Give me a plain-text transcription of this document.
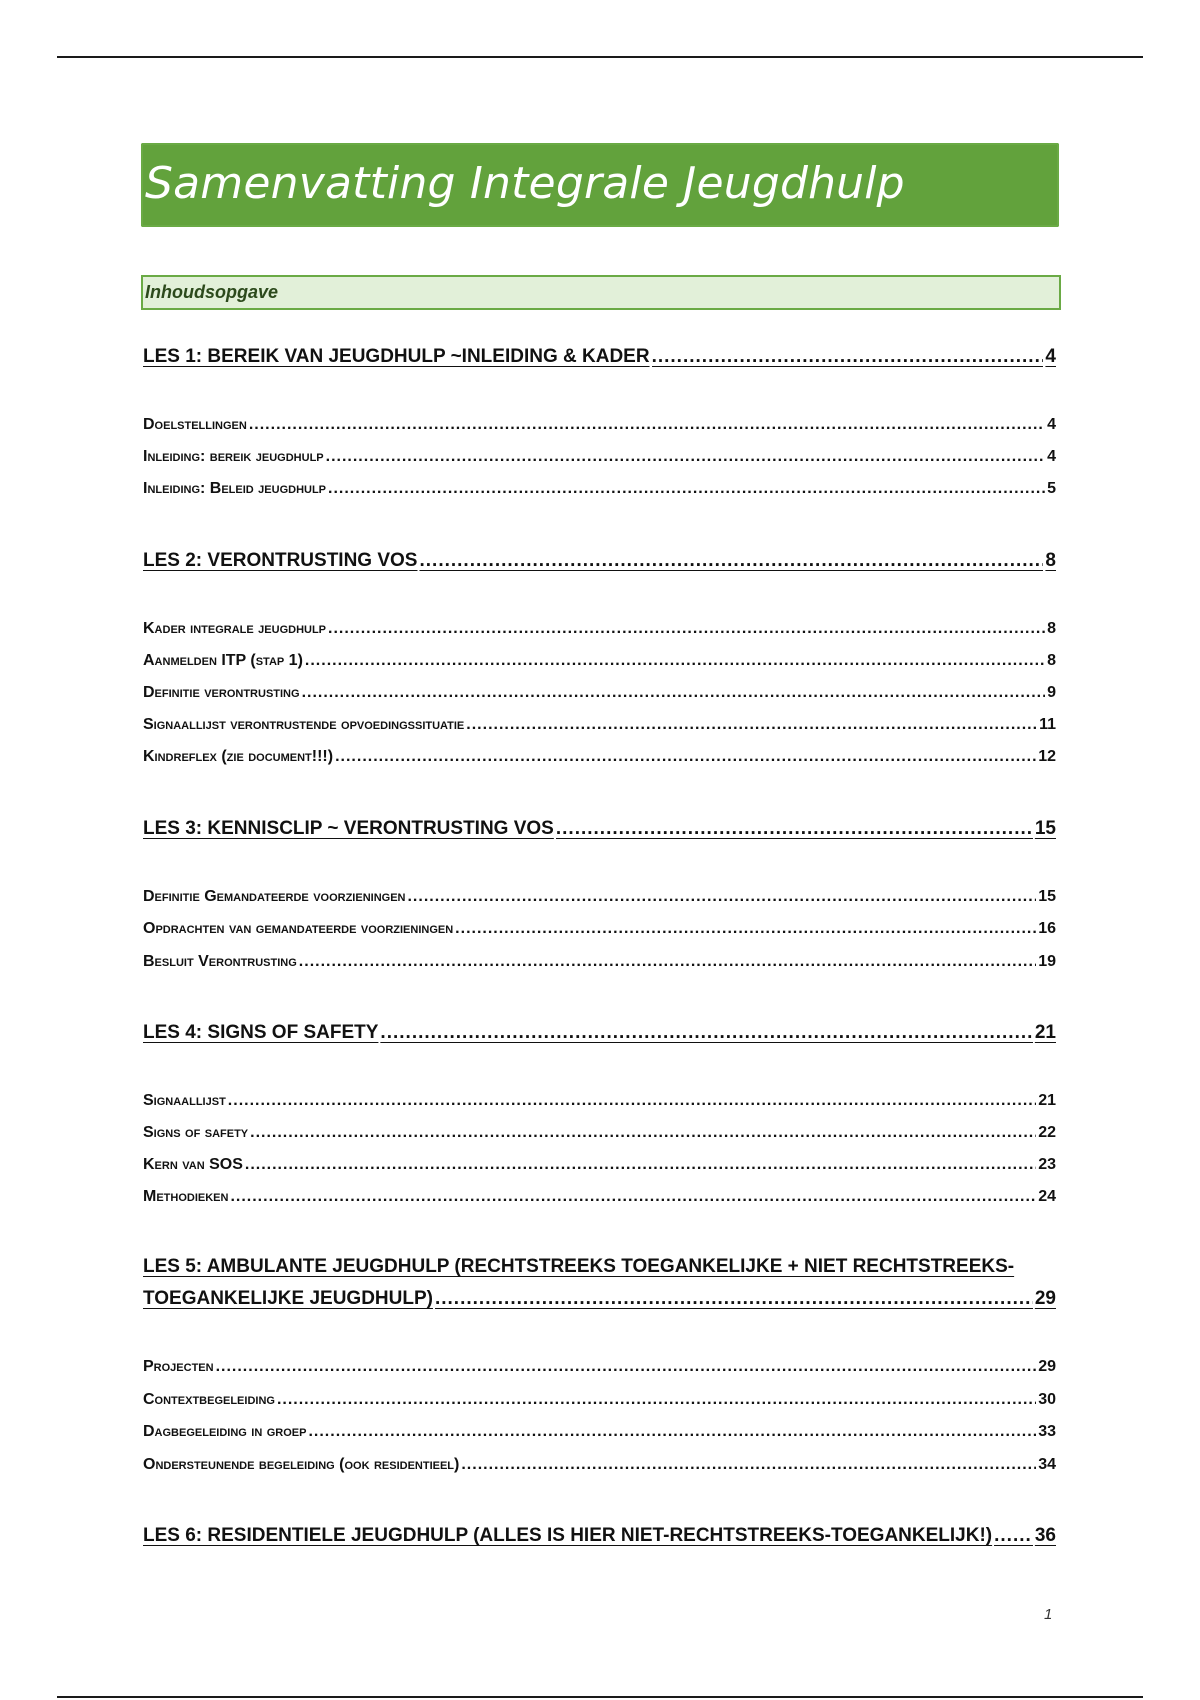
Samenvatting Integrale Jeugdhulp
Inhoudsopgave
LES 1: BEREIK VAN JEUGDHULP ~INLEIDING & KADER .....	4
Doelstellingen .....	4
Inleiding: bereik jeugdhulp .....	4
Inleiding: Beleid jeugdhulp .....	5
LES 2: VERONTRUSTING VOS .....	8
Kader integrale jeugdhulp .....	8
Aanmelden ITP (stap 1) .....	8
Definitie verontrusting .....	9
Signaallijst verontrustende opvoedingssituatie .....	11
Kindreflex (zie document!!!) .....	12
LES 3: KENNISCLIP ~ VERONTRUSTING VOS .....	15
Definitie Gemandateerde voorzieningen .....	15
Opdrachten van gemandateerde voorzieningen .....	16
Besluit Verontrusting .....	19
LES 4: SIGNS OF SAFETY .....	21
Signaallijst .....	21
Signs of safety .....	22
Kern van SOS .....	23
Methodieken .....	24
LES 5: AMBULANTE JEUGDHULP (RECHTSTREEKS TOEGANKELIJKE + NIET RECHTSTREEKS-
TOEGANKELIJKE JEUGDHULP) .....	29
Projecten .....	29
Contextbegeleiding .....	30
Dagbegeleiding in groep .....	33
Ondersteunende begeleiding (ook residentieel) .....	34
LES 6: RESIDENTIELE JEUGDHULP (ALLES IS HIER NIET-RECHTSTREEKS-TOEGANKELIJK!) ..... 36
1
